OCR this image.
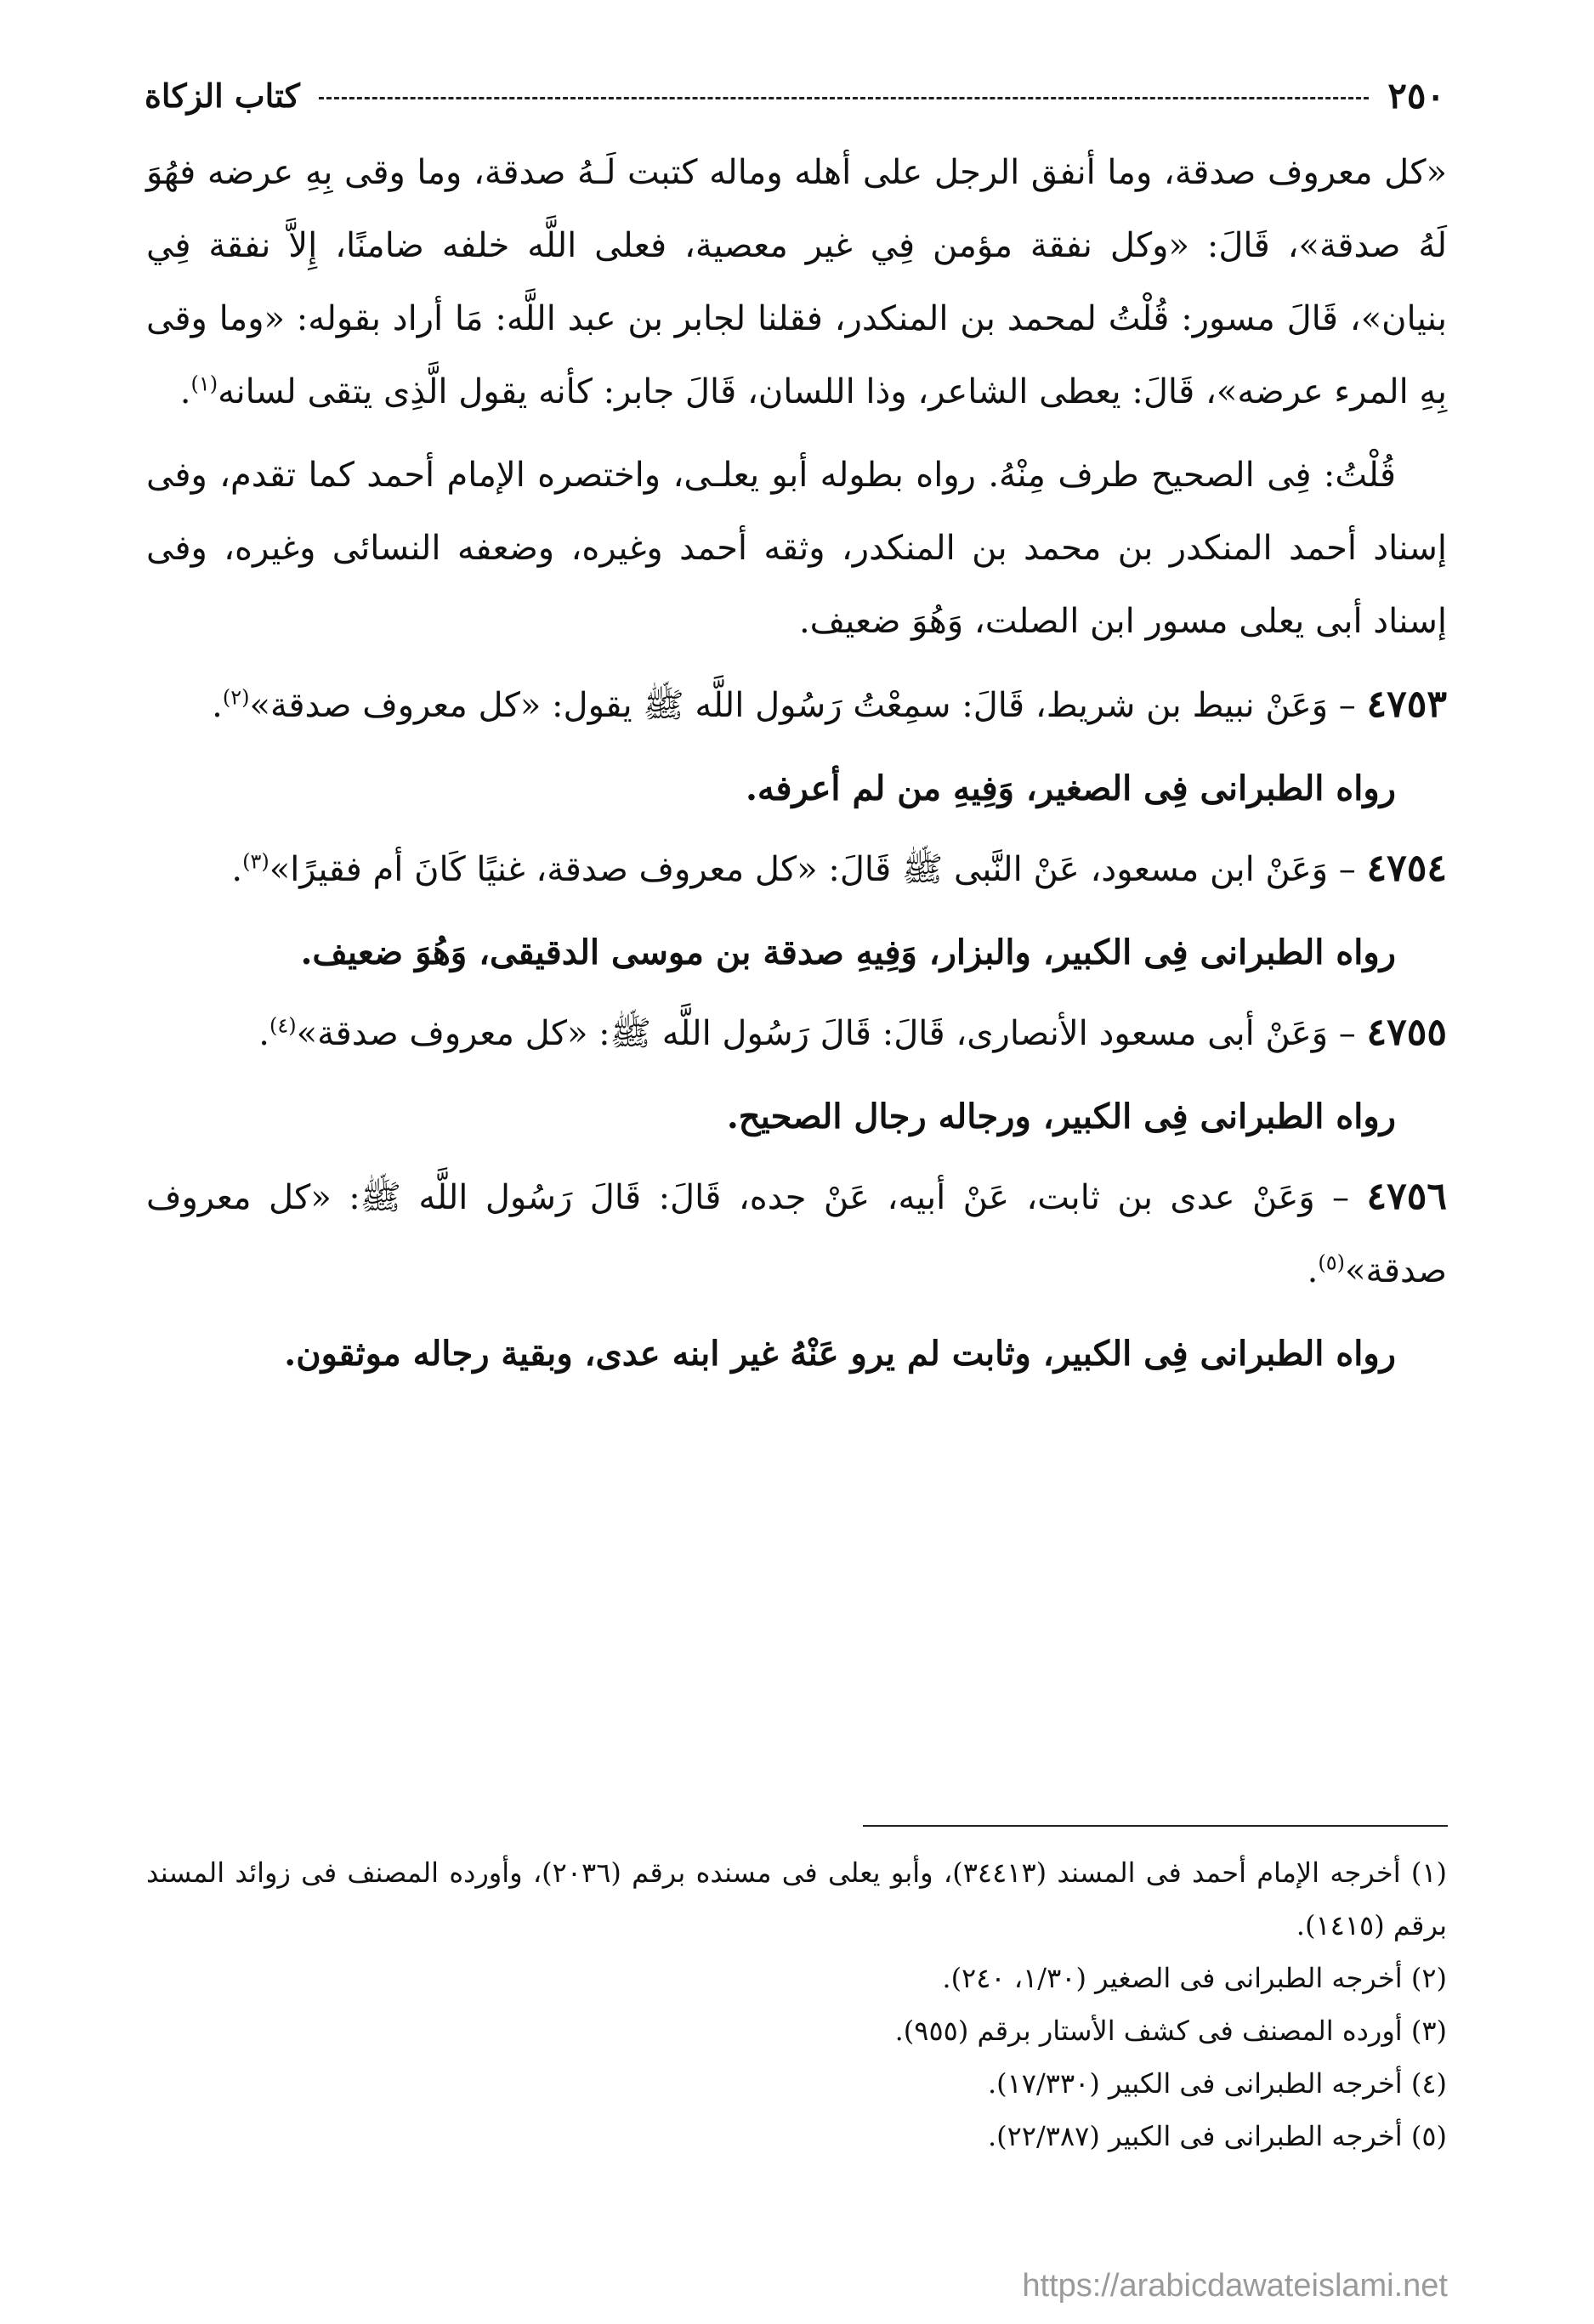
٢٥٠
كتاب الزكاة

«كل معروف صدقة، وما أنفق الرجل على أهله وماله كتبت لَـهُ صدقة، وما وقى بِهِ عرضه فهُوَ لَهُ صدقة»، قَالَ: «وكل نفقة مؤمن فِي غير معصية، فعلى اللَّه خلفه ضامنًا، إِلاَّ نفقة فِي بنيان»، قَالَ مسور: قُلْتُ لمحمد بن المنكدر، فقلنا لجابر بن عبد اللَّه: مَا أراد بقوله: «وما وقى بِهِ المرء عرضه»، قَالَ: يعطى الشاعر، وذا اللسان، قَالَ جابر: كأنه يقول الَّذِى يتقى لسانه$^{(١)}$.

قُلْتُ: فِى الصحيح طرف مِنْهُ. رواه بطوله أبو يعلـى، واختصره الإمام أحمد كما تقدم، وفى إسناد أحمد المنكدر بن محمد بن المنكدر، وثقه أحمد وغيره، وضعفه النسائى وغيره، وفى إسناد أبى يعلى مسور ابن الصلت، وَهُوَ ضعيف.

٤٧٥٣ – وَعَنْ نبيط بن شريط، قَالَ: سمِعْتُ رَسُول اللَّه ﷺ يقول: «كل معروف صدقة»$^{(٢)}$.

رواه الطبرانى فِى الصغير، وَفِيهِ من لم أعرفه.

٤٧٥٤ – وَعَنْ ابن مسعود، عَنْ النَّبى ﷺ قَالَ: «كل معروف صدقة، غنيًا كَانَ أم فقيرًا»$^{(٣)}$.

رواه الطبرانى فِى الكبير، والبزار، وَفِيهِ صدقة بن موسى الدقيقى، وَهُوَ ضعيف.

٤٧٥٥ – وَعَنْ أبى مسعود الأنصارى، قَالَ: قَالَ رَسُول اللَّه ﷺ: «كل معروف صدقة»$^{(٤)}$.

رواه الطبرانى فِى الكبير، ورجاله رجال الصحيح.

٤٧٥٦ – وَعَنْ عدى بن ثابت، عَنْ أبيه، عَنْ جده، قَالَ: قَالَ رَسُول اللَّه ﷺ: «كل معروف صدقة»$^{(٥)}$.

رواه الطبرانى فِى الكبير، وثابت لم يرو عَنْهُ غير ابنه عدى، وبقية رجاله موثقون.

(١) أخرجه الإمام أحمد فى المسند (٣٤٤١٣)، وأبو يعلى فى مسنده برقم (٢٠٣٦)، وأورده المصنف فى زوائد المسند برقم (١٤١٥).

(٢) أخرجه الطبرانى فى الصغير (١/٣٠، ٢٤٠).

(٣) أورده المصنف فى كشف الأستار برقم (٩٥٥).

(٤) أخرجه الطبرانى فى الكبير (١٧/٣٣٠).

(٥) أخرجه الطبرانى فى الكبير (٢٢/٣٨٧).

https://arabicdawateislami.net
